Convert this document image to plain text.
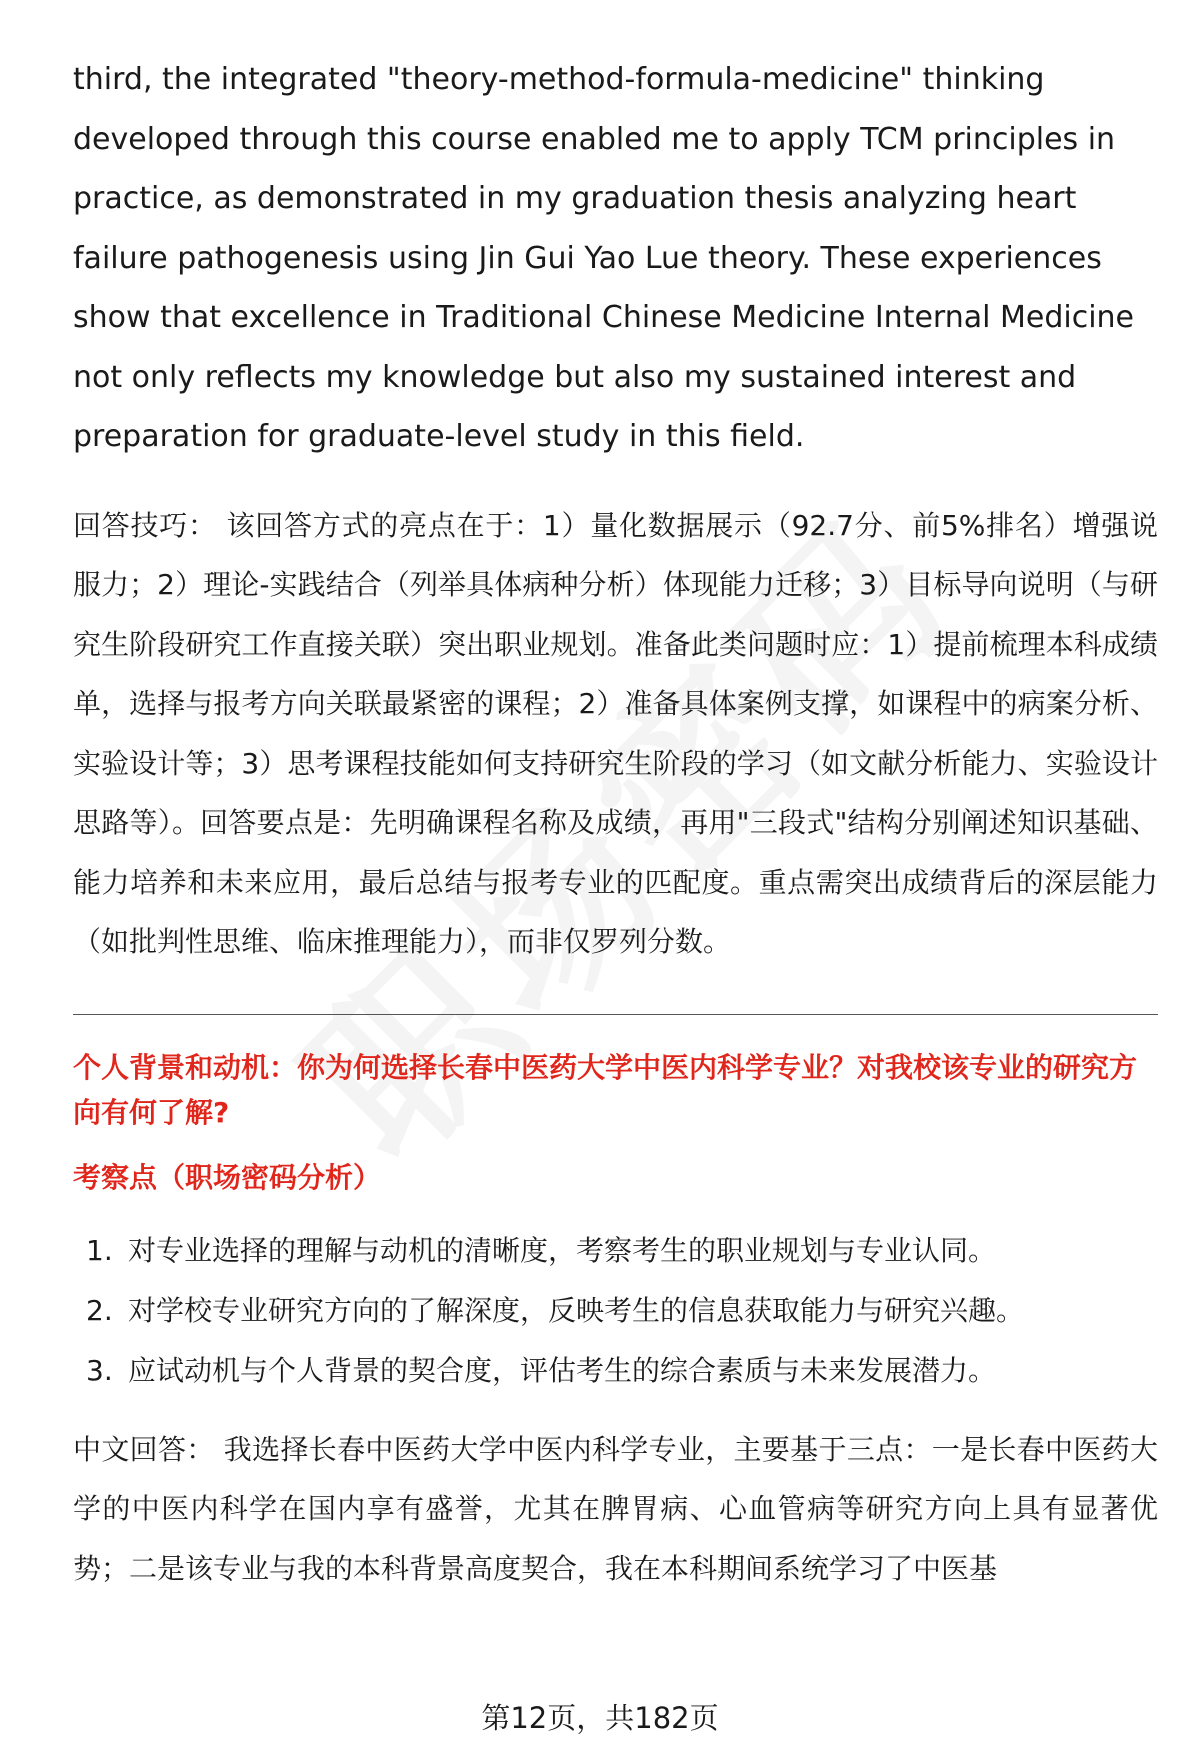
third, the integrated "theory-method-formula-medicine" thinking developed through this course enabled me to apply TCM principles in practice, as demonstrated in my graduation thesis analyzing heart failure pathogenesis using Jin Gui Yao Lue theory. These experiences show that excellence in Traditional Chinese Medicine Internal Medicine not only reflects my knowledge but also my sustained interest and preparation for graduate-level study in this field.

回答技巧： 该回答方式的亮点在于：1）量化数据展示（92.7分、前5%排名）增强说服力；2）理论-实践结合（列举具体病种分析）体现能力迁移；3）目标导向说明（与研究生阶段研究工作直接关联）突出职业规划。准备此类问题时应：1）提前梳理本科成绩单，选择与报考方向关联最紧密的课程；2）准备具体案例支撑，如课程中的病案分析、实验设计等；3）思考课程技能如何支持研究生阶段的学习（如文献分析能力、实验设计思路等）。回答要点是：先明确课程名称及成绩，再用"三段式"结构分别阐述知识基础、能力培养和未来应用，最后总结与报考专业的匹配度。重点需突出成绩背后的深层能力（如批判性思维、临床推理能力），而非仅罗列分数。

个人背景和动机：你为何选择长春中医药大学中医内科学专业？对我校该专业的研究方向有何了解?
考察点（职场密码分析）
1. 对专业选择的理解与动机的清晰度，考察考生的职业规划与专业认同。
2. 对学校专业研究方向的了解深度，反映考生的信息获取能力与研究兴趣。
3. 应试动机与个人背景的契合度，评估考生的综合素质与未来发展潜力。

中文回答： 我选择长春中医药大学中医内科学专业，主要基于三点：一是长春中医药大学的中医内科学在国内享有盛誉，尤其在脾胃病、心血管病等研究方向上具有显著优势；二是该专业与我的本科背景高度契合，我在本科期间系统学习了中医基

第12页，共182页
